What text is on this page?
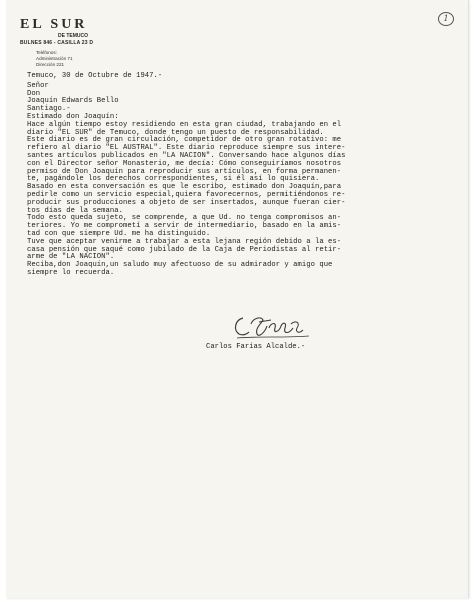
EL SUR
DE TEMUCO
BULNES 846 - CASILLA 23 D
Teléfonos:
Administración 71
Dirección 221
1
Temuco, 30 de Octubre de 1947.-
Señor
Don
Joaquín Edwards Bello
Santiago.-
Estimado don Joaquín:
Hace algún tiempo estoy residiendo en esta gran ciudad, trabajando en el
diario "EL SUR" de Temuco, donde tengo un puesto de responsabilidad.
Este diario es de gran circulación, competidor de otro gran rotativo: me
refiero al diario "EL AUSTRAL". Este diario reproduce siempre sus intere-
santes artículos publicados en "LA NACION". Conversando hace algunos días
con el Director señor Monasterio, me decía: Cómo conseguiríamos nosotros
permiso de Don Joaquín para reproducir sus artículos, en forma permanen-
te, pagándole los derechos correspondientes, si él así lo quisiera.
Basado en esta conversación es que le escribo, estimado don Joaquín,para
pedirle como un servicio especial,quiera favorecernos, permitiéndonos re-
producir sus producciones a objeto de ser insertados, aunque fueran cier-
tos días de la semana.
Todo esto queda sujeto, se comprende, a que Ud. no tenga compromisos an-
teriores. Yo me comprometí a servir de intermediario, basado en la amis-
tad con que siempre Ud. me ha distinguido.
Tuve que aceptar venirme a trabajar a esta lejana región debido a la es-
casa pensión que saqué como jubilado de la Caja de Periodistas al retir-
arme de "LA NACION".
Reciba,don Joaquín,un saludo muy afectuoso de su admirador y amigo que
siempre lo recuerda.
Carlos Farías Alcalde.-
